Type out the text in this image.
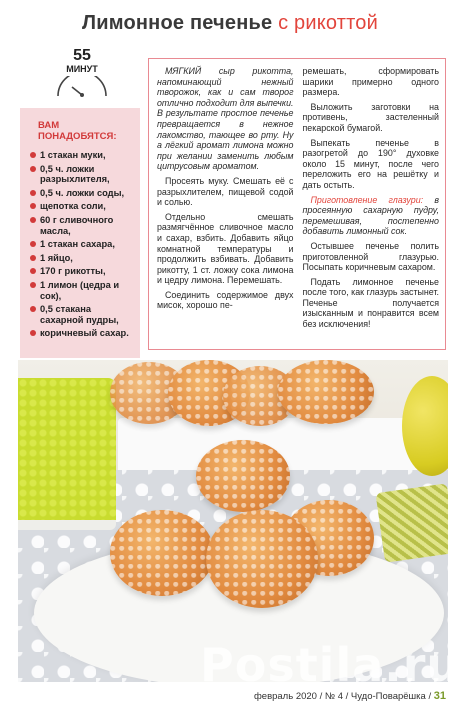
Лимонное печенье с рикоттой
55
МИНУТ
ВАМ ПОНАДОБЯТСЯ:
1 стакан муки,
0,5 ч. ложки разрыхлителя,
0,5 ч. ложки соды,
щепотка соли,
60 г сливочного масла,
1 стакан сахара,
1 яйцо,
170 г рикотты,
1 лимон (цедра и сок),
0,5 стакана сахарной пудры,
коричневый сахар.

МЯГКИЙ сыр рикотта, напоминающий нежный творожок, как и сам творог отлично подходит для выпечки. В результате простое печенье превращается в нежное лакомство, тающее во рту. Ну а лёгкий аромат лимона можно при желании заменить любым цитрусовым ароматом.

Просеять муку. Смешать её с разрыхлителем, пищевой содой и солью.

Отдельно смешать размягчённое сливочное масло и сахар, взбить. Добавить яйцо комнатной температуры и продолжить взбивать. Добавить рикотту, 1 ст. ложку сока лимона и цедру лимона. Перемешать.

Соединить содержимое двух мисок, хорошо пе-

ремешать, сформировать шарики примерно одного размера.

Выложить заготовки на противень, застеленный пекарской бумагой.

Выпекать печенье в разогретой до 190° духовке около 15 минут, после чего переложить его на решётку и дать остыть.

Приготовление глазури: в просеянную сахарную пудру, перемешивая, постепенно добавить лимонный сок.

Остывшее печенье полить приготовленной глазурью. Посыпать коричневым сахаром.

Подать лимонное печенье после того, как глазурь застынет. Печенье получается изысканным и понравится всем без исключения!

Postila.ru
февраль 2020 / № 4 / Чудо-Поварёшка / 31
